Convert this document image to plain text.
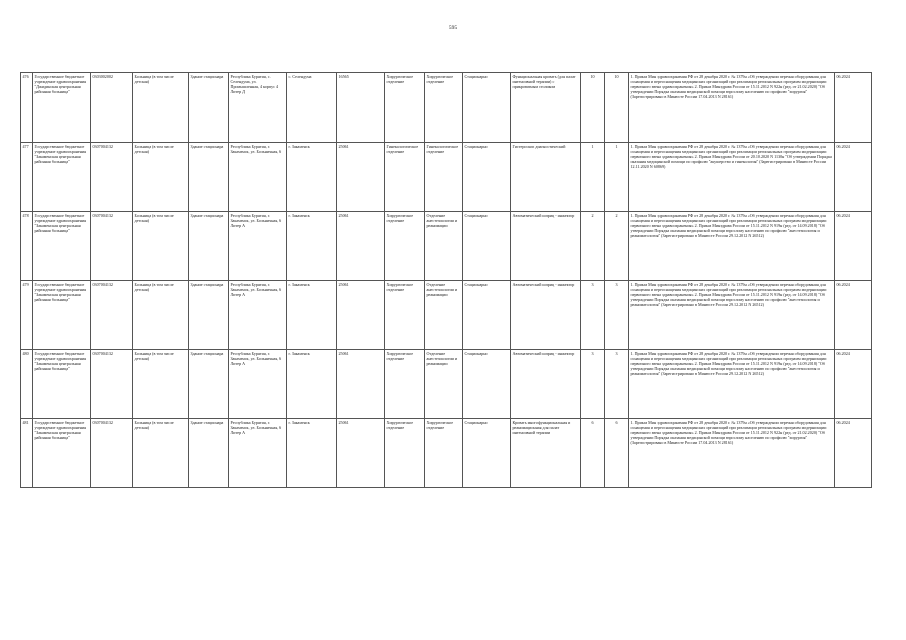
595
476	Государственное бюджетное учреждение здравоохранения "Джидинская центральная районная больница"	0303002002	Больница (в том числе детская)	Здание стационара	Республика Бурятия, с. Селендума, ул. Промышленная, 4 корпус 4 Литер Д	с. Селендума	16565	Хирургическое отделение	Хирургическое отделение	Стационарно	Функциональная кровать (для палат интенсивной терапии) с прикроватным столиком	10	10	1. Приказ Мин здравоохранения РФ от 28 декабря 2020 г. № 1379н «Об утверждении перечня оборудования для оснащения и переоснащения медицинских организаций при реализации региональных программ модернизации первичного звена здравоохранения» 2. Приказ Минздрава России от 15.11.2012 N 922н (ред. от 21.02.2020) "Об утверждении Порядка оказания медицинской помощи взрослому населению по профилю "хирургия" (Зарегистрировано в Минюсте России 17.04.2013 N 28161)	06.2024
477	Государственное бюджетное учреждение здравоохранения "Закаменская центральная районная больница"	0307004132	Больница (в том числе детская)	Здание стационара	Республика Бурятия, г. Закаменск, ул. Больничная, 6	г. Закаменск	25061	Гинекологическое отделение	Гинекологическое отделение	Стационарно	Гистероскоп диагностический	1	1	1. Приказ Мин здравоохранения РФ от 28 декабря 2020 г. № 1379н «Об утверждении перечня оборудования для оснащения и переоснащения медицинских организаций при реализации региональных программ модернизации первичного звена здравоохранения» 2. Приказ Минздрава России от 20.10.2020 N 1130н "Об утверждении Порядка оказания медицинской помощи по профилю "акушерство и гинекология" (Зарегистрировано в Минюсте России 12.11.2020 N 60869)	06.2024
478	Государственное бюджетное учреждение здравоохранения "Закаменская центральная районная больница"	0307004132	Больница (в том числе детская)	Здание стационара	Республика Бурятия, г. Закаменск, ул. Больничная, 6 Литер А	г. Закаменск	25061	Хирургическое отделение	Отделение анестезиологии и реанимации	Стационарно	Автоматический шприц - инжектор	2	2	1. Приказ Мин здравоохранения РФ от 28 декабря 2020 г. № 1379н «Об утверждении перечня оборудования для оснащения и переоснащения медицинских организаций при реализации региональных программ модернизации первичного звена здравоохранения» 2. Приказ Минздрава России от 15.11.2012 N 919н (ред. от 14.09.2018) "Об утверждении Порядка оказания медицинской помощи взрослому населению по профилю "анестезиология и реаниматология" (Зарегистрировано в Минюсте России 29.12.2012 N 26512)	06.2024
479	Государственное бюджетное учреждение здравоохранения "Закаменская центральная районная больница"	0307004132	Больница (в том числе детская)	Здание стационара	Республика Бурятия, г. Закаменск, ул. Больничная, 6 Литер А	г. Закаменск	25061	Хирургическое отделение	Отделение анестезиологии и реанимации	Стационарно	Автоматический шприц - инжектор	3	3	1. Приказ Мин здравоохранения РФ от 28 декабря 2020 г. № 1379н «Об утверждении перечня оборудования для оснащения и переоснащения медицинских организаций при реализации региональных программ модернизации первичного звена здравоохранения» 2. Приказ Минздрава России от 15.11.2012 N 919н (ред. от 14.09.2018) "Об утверждении Порядка оказания медицинской помощи взрослому населению по профилю "анестезиология и реаниматология" (Зарегистрировано в Минюсте России 29.12.2012 N 26512)	06.2024
480	Государственное бюджетное учреждение здравоохранения "Закаменская центральная районная больница"	0307004132	Больница (в том числе детская)	Здание стационара	Республика Бурятия, г. Закаменск, ул. Больничная, 6 Литер А	г. Закаменск	25061	Хирургическое отделение	Отделение анестезиологии и реанимации	Стационарно	Автоматический шприц - инжектор	3	3	1. Приказ Мин здравоохранения РФ от 28 декабря 2020 г. № 1379н «Об утверждении перечня оборудования для оснащения и переоснащения медицинских организаций при реализации региональных программ модернизации первичного звена здравоохранения» 2. Приказ Минздрава России от 15.11.2012 N 919н (ред. от 14.09.2018) "Об утверждении Порядка оказания медицинской помощи взрослому населению по профилю "анестезиология и реаниматология" (Зарегистрировано в Минюсте России 29.12.2012 N 26512)	06.2024
481	Государственное бюджетное учреждение здравоохранения "Закаменская центральная районная больница"	0307004132	Больница (в том числе детская)	Здание стационара	Республика Бурятия, г. Закаменск, ул. Больничная, 6 Литер А	г. Закаменск	25061	Хирургическое отделение	Хирургическое отделение	Стационарно	Кровать многофункциональная и реанимационная для палат интенсивной терапии	6	6	1. Приказ Мин здравоохранения РФ от 28 декабря 2020 г. № 1379н «Об утверждении перечня оборудования для оснащения и переоснащения медицинских организаций при реализации региональных программ модернизации первичного звена здравоохранения» 2. Приказ Минздрава России от 15.11.2012 N 922н (ред. от 21.02.2020) "Об утверждении Порядка оказания медицинской помощи взрослому населению по профилю "хирургия" (Зарегистрировано в Минюсте России 17.04.2013 N 28161)	06.2024
